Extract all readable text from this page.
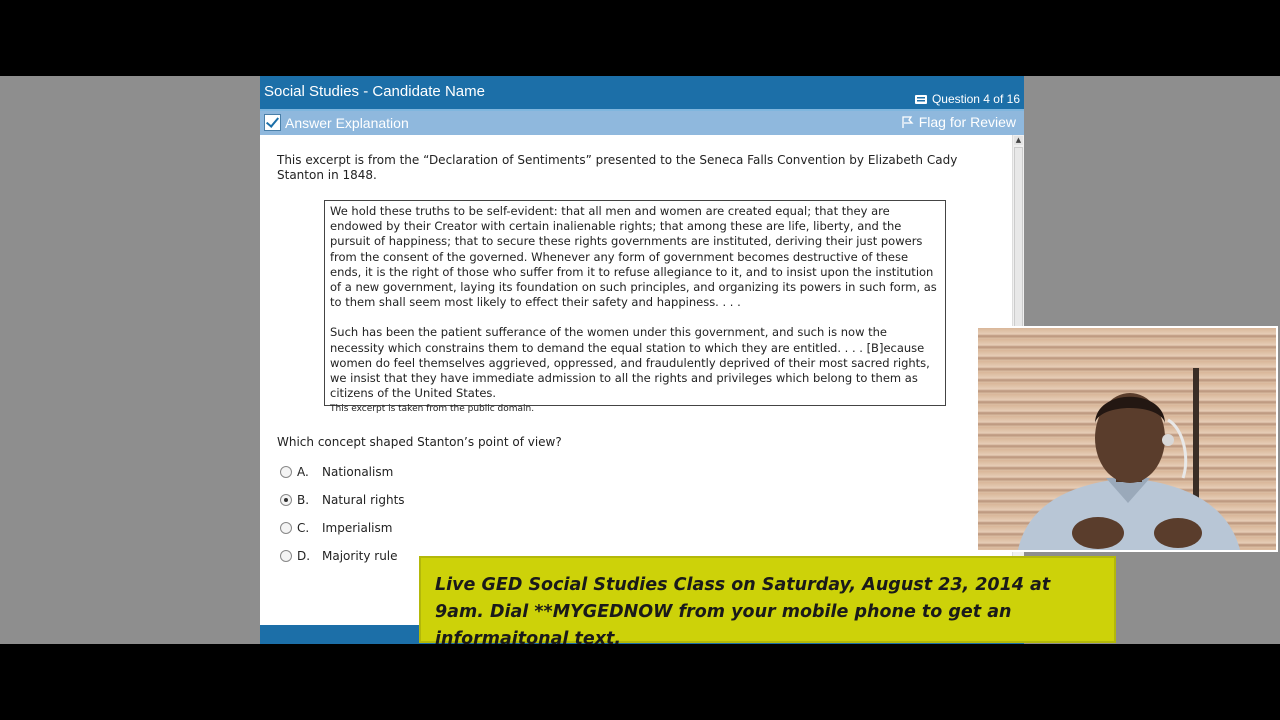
Social Studies - Candidate Name	Question 4 of 16
Answer Explanation	Flag for Review
This excerpt is from the “Declaration of Sentiments” presented to the Seneca Falls Convention by Elizabeth Cady Stanton in 1848.

We hold these truths to be self-evident: that all men and women are created equal; that they are endowed by their Creator with certain inalienable rights; that among these are life, liberty, and the pursuit of happiness; that to secure these rights governments are instituted, deriving their just powers from the consent of the governed. Whenever any form of government becomes destructive of these ends, it is the right of those who suffer from it to refuse allegiance to it, and to insist upon the institution of a new government, laying its foundation on such principles, and organizing its powers in such form, as to them shall seem most likely to effect their safety and happiness. . . .

Such has been the patient sufferance of the women under this government, and such is now the necessity which constrains them to demand the equal station to which they are entitled. . . . [B]ecause women do feel themselves aggrieved, oppressed, and fraudulently deprived of their most sacred rights, we insist that they have immediate admission to all the rights and privileges which belong to them as citizens of the United States.

This excerpt is taken from the public domain.

Which concept shaped Stanton’s point of view?
A.	Nationalism
B.	Natural rights
C.	Imperialism
D. Majority rule
▲
Live GED Social Studies Class on Saturday, August 23, 2014 at 9am. Dial **MYGEDNOW from your mobile phone to get an informaitonal text.
